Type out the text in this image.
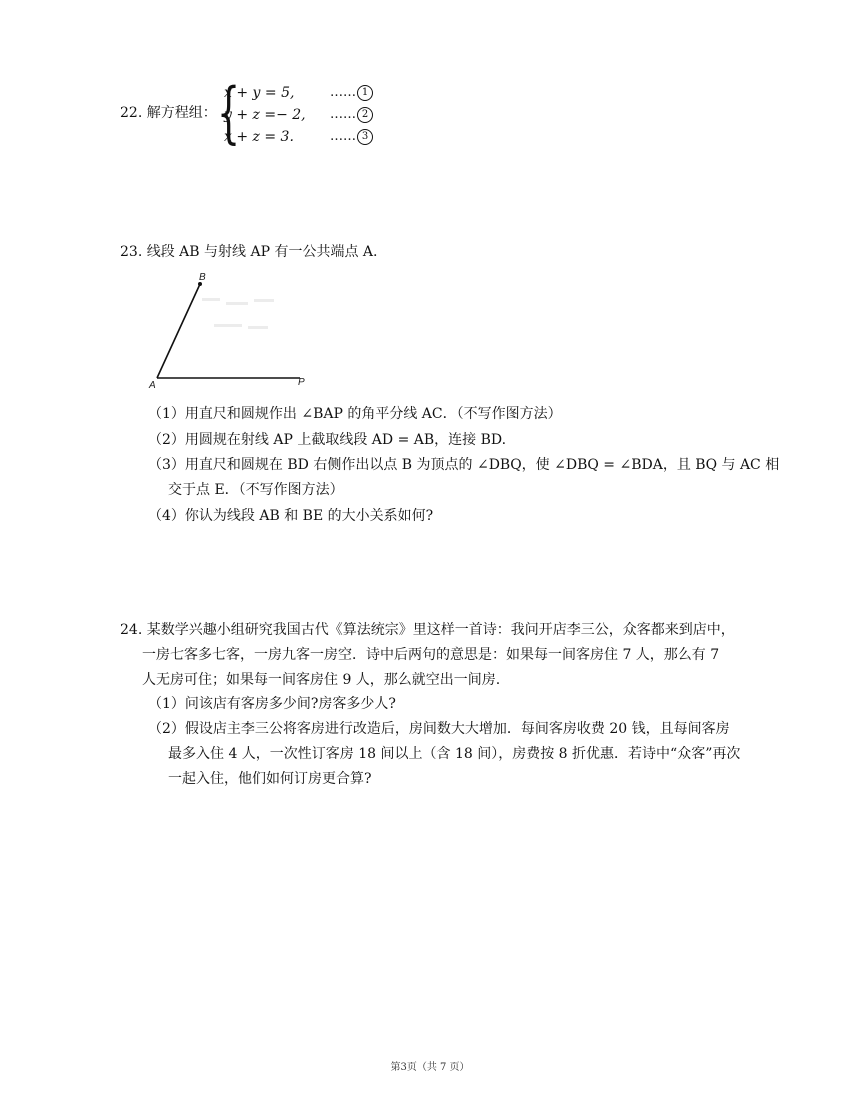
22. 解方程组： {
x + y = 5,	…… 1
y + z =− 2, …… 2
x + z = 3.	…… 3
23. 线段 AB 与射线 AP 有一公共端点 A.
B
A	P
（1）用直尺和圆规作出 ∠BAP 的角平分线 AC．（不写作图方法）
（2）用圆规在射线 AP 上截取线段 AD = AB，连接 BD.
（3）用直尺和圆规在 BD 右侧作出以点 B 为顶点的 ∠DBQ，使 ∠DBQ = ∠BDA，且 BQ 与 AC 相
交于点 E．（不写作图方法）
（4）你认为线段 AB 和 BE 的大小关系如何?
24. 某数学兴趣小组研究我国古代《算法统宗》里这样一首诗：我问开店李三公，众客都来到店中，
一房七客多七客，一房九客一房空．诗中后两句的意思是：如果每一间客房住 7 人，那么有 7
人无房可住；如果每一间客房住 9 人，那么就空出一间房.
（1）问该店有客房多少间?房客多少人?
（2）假设店主李三公将客房进行改造后，房间数大大增加．每间客房收费 20 钱，且每间客房
最多入住 4 人，一次性订客房 18 间以上（含 18 间），房费按 8 折优惠．若诗中“众客”再次
一起入住，他们如何订房更合算?
第3页（共 7 页）
